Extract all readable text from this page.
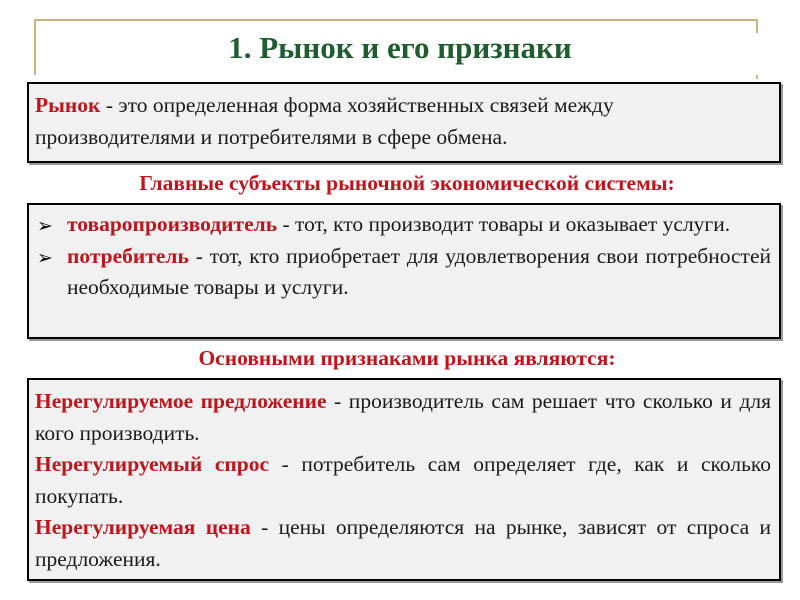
1. Рынок и его признаки
Рынок - это определенная форма хозяйственных связей между производителями и потребителями в сфере обмена.
Главные субъекты рыночной экономической системы:
➢ товаропроизводитель - тот, кто производит товары и оказывает услуги.
➢ потребитель - тот, кто приобретает для удовлетворения свои потребностей необходимые товары и услуги.
Основными признаками рынка являются:
Нерегулируемое предложение - производитель сам решает что сколько и для кого производить.
Нерегулируемый спрос - потребитель сам определяет где, как и сколько покупать.
Нерегулируемая цена - цены определяются на рынке, зависят от спроса и предложения.
